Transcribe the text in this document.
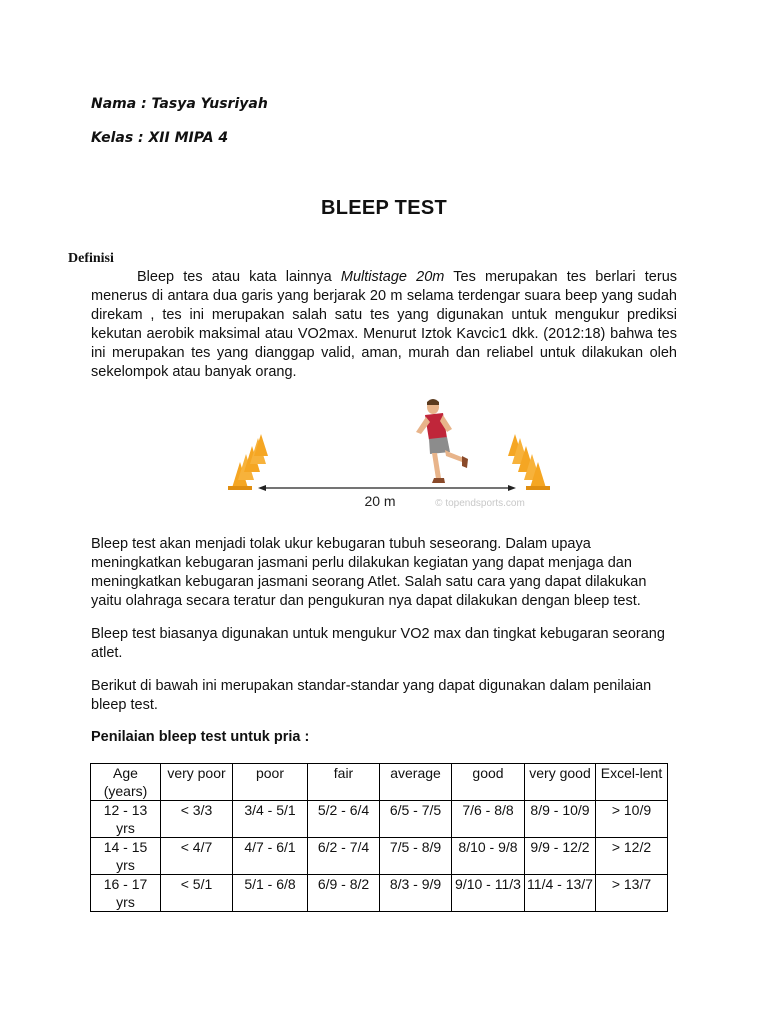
Nama : Tasya Yusriyah
Kelas : XII MIPA 4
BLEEP TEST
Definisi
Bleep tes atau kata lainnya Multistage 20m Tes merupakan tes berlari terus menerus di antara dua garis yang berjarak 20 m selama terdengar suara beep yang sudah direkam , tes ini merupakan salah satu tes yang digunakan untuk mengukur prediksi kekutan aerobik maksimal atau VO2max. Menurut Iztok Kavcic1 dkk. (2012:18) bahwa tes ini merupakan tes yang dianggap valid, aman, murah dan reliabel untuk dilakukan oleh sekelompok atau banyak orang.
20 m	© topendsports.com
Bleep test akan menjadi tolak ukur kebugaran tubuh seseorang. Dalam upaya meningkatkan kebugaran jasmani perlu dilakukan kegiatan yang dapat menjaga dan meningkatkan kebugaran jasmani seorang Atlet. Salah satu cara yang dapat dilakukan yaitu olahraga secara teratur dan pengukuran nya dapat dilakukan dengan bleep test.
Bleep test biasanya digunakan untuk mengukur VO2 max dan tingkat kebugaran seorang atlet.
Berikut di bawah ini merupakan standar-standar yang dapat digunakan dalam penilaian bleep test.
Penilaian bleep test untuk pria :
Age (years)	very poor	poor	fair	average	good	very good	Excel-lent
12 - 13 yrs	< 3/3	3/4 - 5/1	5/2 - 6/4	6/5 - 7/5	7/6 - 8/8	8/9 - 10/9	> 10/9
14 - 15 yrs	< 4/7	4/7 - 6/1	6/2 - 7/4	7/5 - 8/9	8/10 - 9/8	9/9 - 12/2	> 12/2
16 - 17 yrs	< 5/1	5/1 - 6/8	6/9 - 8/2	8/3 - 9/9	9/10 - 11/3	11/4 - 13/7	> 13/7
